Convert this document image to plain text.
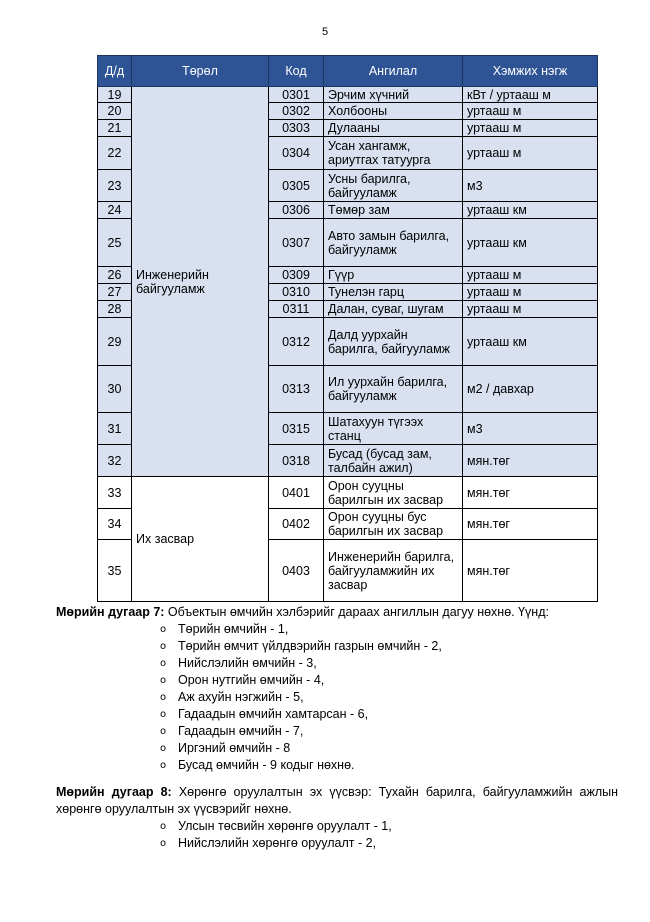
5
Д/д	Төрөл	Код	Ангилал	Хэмжих нэгж
19	Инженерийн байгууламж	0301	Эрчим хүчний	кВт / уртааш м
20		0302	Холбооны	уртааш м
21		0303	Дулааны	уртааш м
22		0304	Усан хангамж, ариутгах татуурга	уртааш м
23		0305	Усны барилга, байгууламж	м3
24		0306	Төмөр зам	уртааш км
25		0307	Авто замын барилга, байгууламж	уртааш км
26		0309	Гүүр	уртааш м
27		0310	Тунелэн гарц	уртааш м
28		0311	Далан, суваг, шугам	уртааш м
29		0312	Далд уурхайн барилга, байгууламж	уртааш км
30		0313	Ил уурхайн барилга, байгууламж	м2 / давхар
31		0315	Шатахуун түгээх станц	м3
32		0318	Бусад (бусад зам, талбайн ажил)	мян.төг
33	Их засвар	0401	Орон сууцны барилгын их засвар	мян.төг
34		0402	Орон сууцны бус барилгын их засвар	мян.төг
35		0403	Инженерийн барилга, байгууламжийн их засвар	мян.төг
Мөрийн дугаар 7: Объектын өмчийн хэлбэрийг дараах ангиллын дагуу нөхнө. Үүнд:
o Төрийн өмчийн - 1,
o Төрийн өмчит үйлдвэрийн газрын өмчийн - 2,
o Нийслэлийн өмчийн - 3,
o Орон нутгийн өмчийн - 4,
o Аж ахуйн нэгжийн - 5,
o Гадаадын өмчийн хамтарсан - 6,
o Гадаадын өмчийн - 7,
o Иргэний өмчийн - 8
o Бусад өмчийн - 9 кодыг нөхнө.
Мөрийн дугаар 8: Хөрөнгө оруулалтын эх үүсвэр: Тухайн барилга, байгууламжийн ажлын хөрөнгө оруулалтын эх үүсвэрийг нөхнө.
o Улсын төсвийн хөрөнгө оруулалт - 1,
o Нийслэлийн хөрөнгө оруулалт - 2,
